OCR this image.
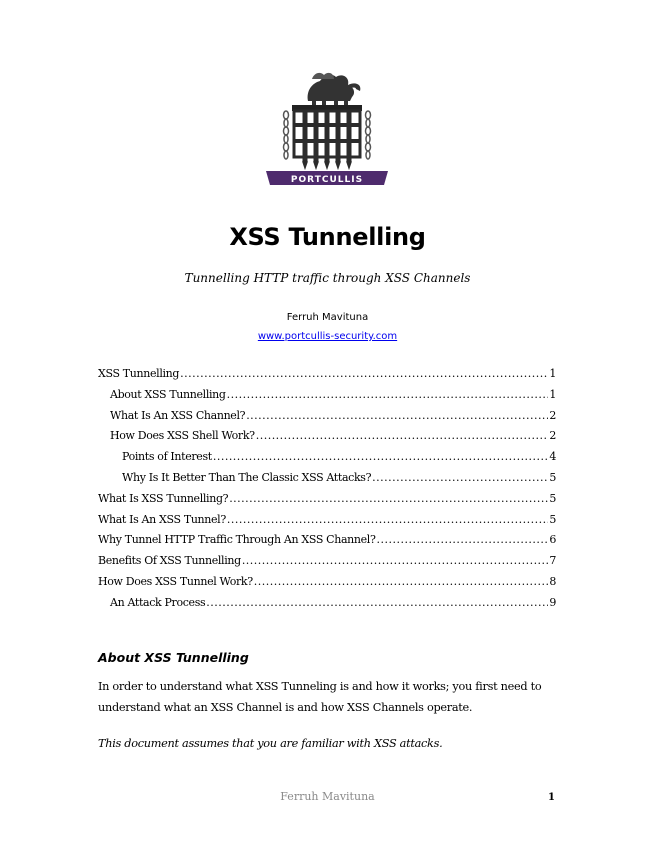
PORTCULLIS
XSS Tunnelling
Tunnelling HTTP traffic through XSS Channels
Ferruh Mavituna
www.portcullis-security.com
XSS Tunnelling .....	1
About XSS Tunnelling .....	1
What Is An XSS Channel? .....	2
How Does XSS Shell Work? .....	2
Points of Interest .....	4
Why Is It Better Than The Classic XSS Attacks? .....	5
What Is XSS Tunnelling? .....	5
What Is An XSS Tunnel? .....	5
Why Tunnel HTTP Traffic Through An XSS Channel? .....	6
Benefits Of XSS Tunnelling .....	7
How Does XSS Tunnel Work? .....	8
An Attack Process .....	9
About XSS Tunnelling

In order to understand what XSS Tunneling is and how it works; you first need to understand what an XSS Channel is and how XSS Channels operate.

This document assumes that you are familiar with XSS attacks.
Ferruh Mavituna	1
